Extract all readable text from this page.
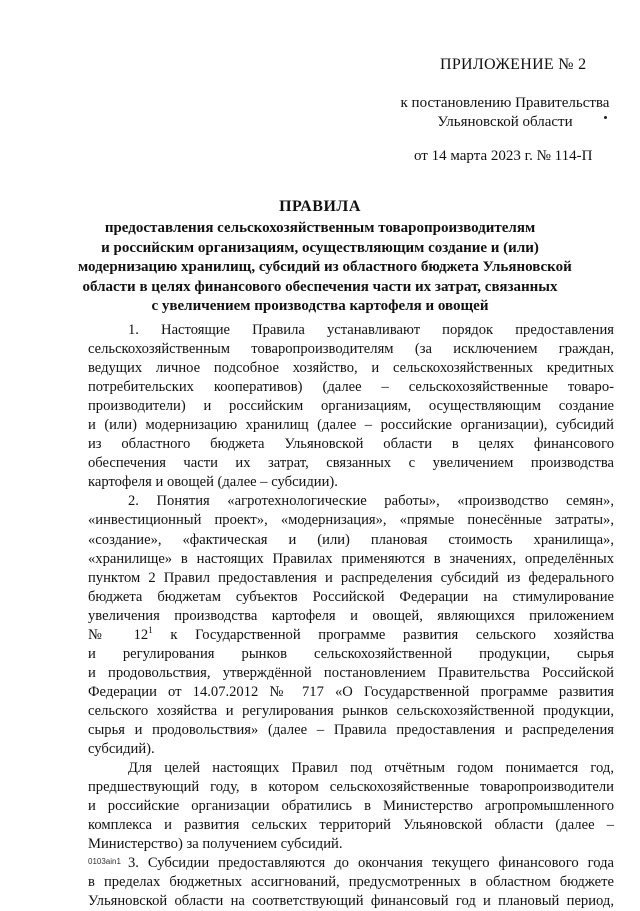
ПРИЛОЖЕНИЕ № 2
к постановлению Правительства
Ульяновской области
от 14 марта 2023 г. № 114-П
ПРАВИЛА
предоставления сельскохозяйственным товаропроизводителям
и российским организациям, осуществляющим создание и (или)
модернизацию хранилищ, субсидий из областного бюджета Ульяновской
области в целях финансового обеспечения части их затрат, связанных
с увеличением производства картофеля и овощей
1. Настоящие Правила устанавливают порядок предоставления
сельскохозяйственным товаропроизводителям (за исключением граждан,
ведущих личное подсобное хозяйство, и сельскохозяйственных кредитных
потребительских кооперативов) (далее – сельскохозяйственные товаро-
производители) и российским организациям, осуществляющим создание
и (или) модернизацию хранилищ (далее – российские организации), субсидий
из областного бюджета Ульяновской области в целях финансового
обеспечения части их затрат, связанных с увеличением производства
картофеля и овощей (далее – субсидии).
2. Понятия «агротехнологические работы», «производство семян»,
«инвестиционный проект», «модернизация», «прямые понесённые затраты»,
«создание», «фактическая и (или) плановая стоимость хранилища»,
«хранилище» в настоящих Правилах применяются в значениях, определённых
пунктом 2 Правил предоставления и распределения субсидий из федерального
бюджета бюджетам субъектов Российской Федерации на стимулирование
увеличения производства картофеля и овощей, являющихся приложением
№ $12^1$ к Государственной программе развития сельского хозяйства
и регулирования рынков сельскохозяйственной продукции, сырья
и продовольствия, утверждённой постановлением Правительства Российской
Федерации от 14.07.2012 № 717 «О Государственной программе развития
сельского хозяйства и регулирования рынков сельскохозяйственной продукции,
сырья и продовольствия» (далее – Правила предоставления и распределения
субсидий).
Для целей настоящих Правил под отчётным годом понимается год,
предшествующий году, в котором сельскохозяйственные товаропроизводители
и российские организации обратились в Министерство агропромышленного
комплекса и развития сельских территорий Ульяновской области (далее –
Министерство) за получением субсидий.
3. Субсидии предоставляются до окончания текущего финансового года
в пределах бюджетных ассигнований, предусмотренных в областном бюджете
Ульяновской области на соответствующий финансовый год и плановый период,
0103ain1
